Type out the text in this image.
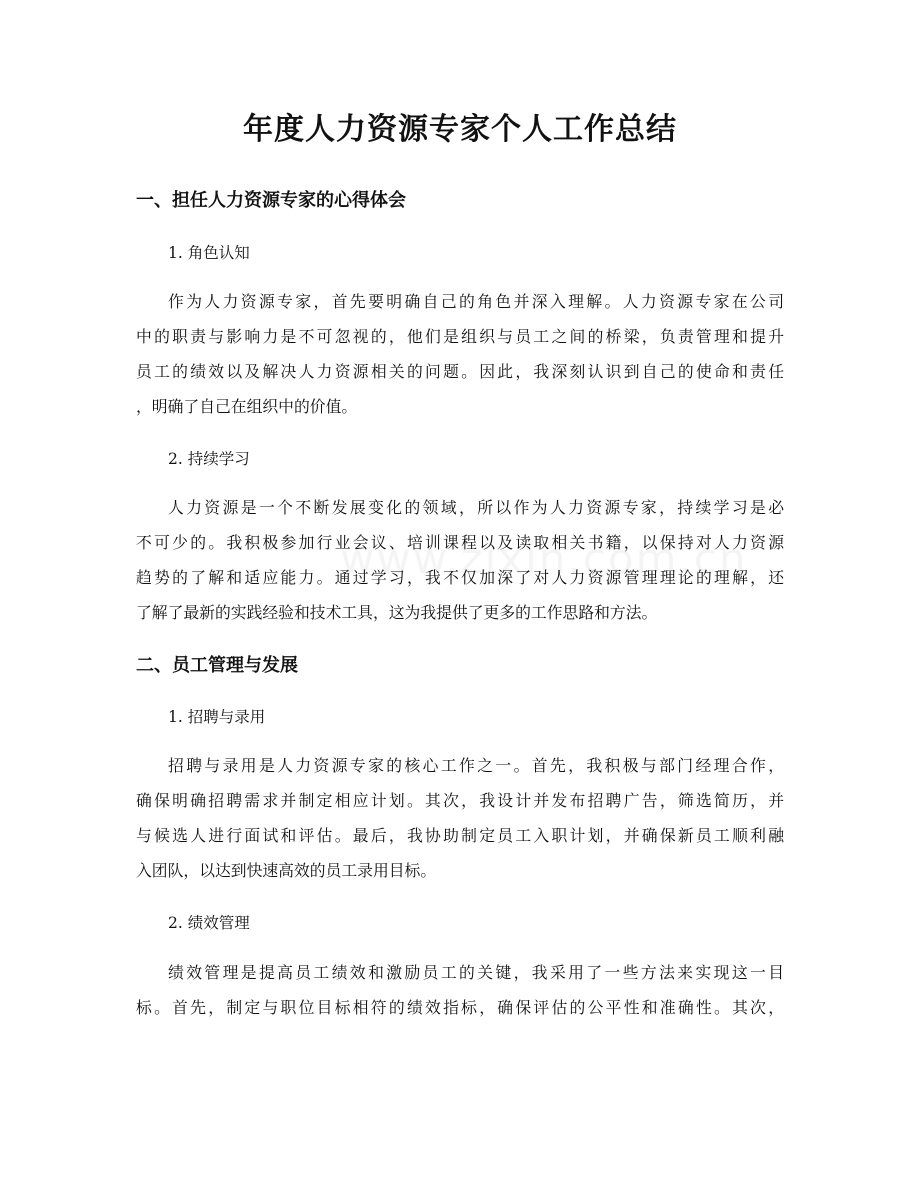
年度人力资源专家个人工作总结
一、担任人力资源专家的心得体会
1. 角色认知
作为人力资源专家，首先要明确自己的角色并深入理解。人力资源专家在公司
中的职责与影响力是不可忽视的，他们是组织与员工之间的桥梁，负责管理和提升
员工的绩效以及解决人力资源相关的问题。因此，我深刻认识到自己的使命和责任
，明确了自己在组织中的价值。
2. 持续学习
人力资源是一个不断发展变化的领域，所以作为人力资源专家，持续学习是必
不可少的。我积极参加行业会议、培训课程以及读取相关书籍，以保持对人力资源
趋势的了解和适应能力。通过学习，我不仅加深了对人力资源管理理论的理解，还
了解了最新的实践经验和技术工具，这为我提供了更多的工作思路和方法。
二、员工管理与发展
1. 招聘与录用
招聘与录用是人力资源专家的核心工作之一。首先，我积极与部门经理合作，
确保明确招聘需求并制定相应计划。其次，我设计并发布招聘广告，筛选简历，并
与候选人进行面试和评估。最后，我协助制定员工入职计划，并确保新员工顺利融
入团队，以达到快速高效的员工录用目标。
2. 绩效管理
绩效管理是提高员工绩效和激励员工的关键，我采用了一些方法来实现这一目
标。首先，制定与职位目标相符的绩效指标，确保评估的公平性和准确性。其次，
